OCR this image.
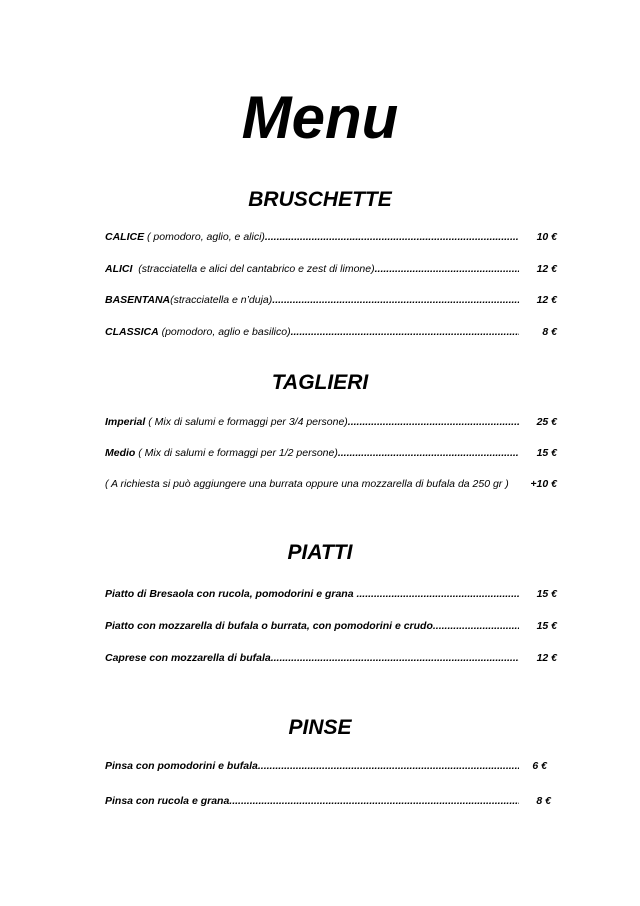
Menu
BRUSCHETTE
CALICE ( pomodoro, aglio, e alici) .....	10 €
ALICI  (stracciatella e alici del cantabrico e zest di limone) .....	12 €
BASENTANA(stracciatella e n’duja) .....	12 €
CLASSICA (pomodoro, aglio e basilico) .....	8 €
TAGLIERI
Imperial ( Mix di salumi e formaggi per 3/4 persone) .....	25 €
Medio ( Mix di salumi e formaggi per 1/2 persone) .....	15 €
( A richiesta si può aggiungere una burrata oppure una mozzarella di bufala da 250 gr )	+10 €
PIATTI
Piatto di Bresaola con rucola, pomodorini e grana .....	15 €
Piatto con mozzarella di bufala o burrata, con pomodorini e crudo .....	15 €
Caprese con mozzarella di bufala .....	12 €
PINSE
Pinsa con pomodorini e bufala .....	6 €
Pinsa con rucola e grana .....	8 €
